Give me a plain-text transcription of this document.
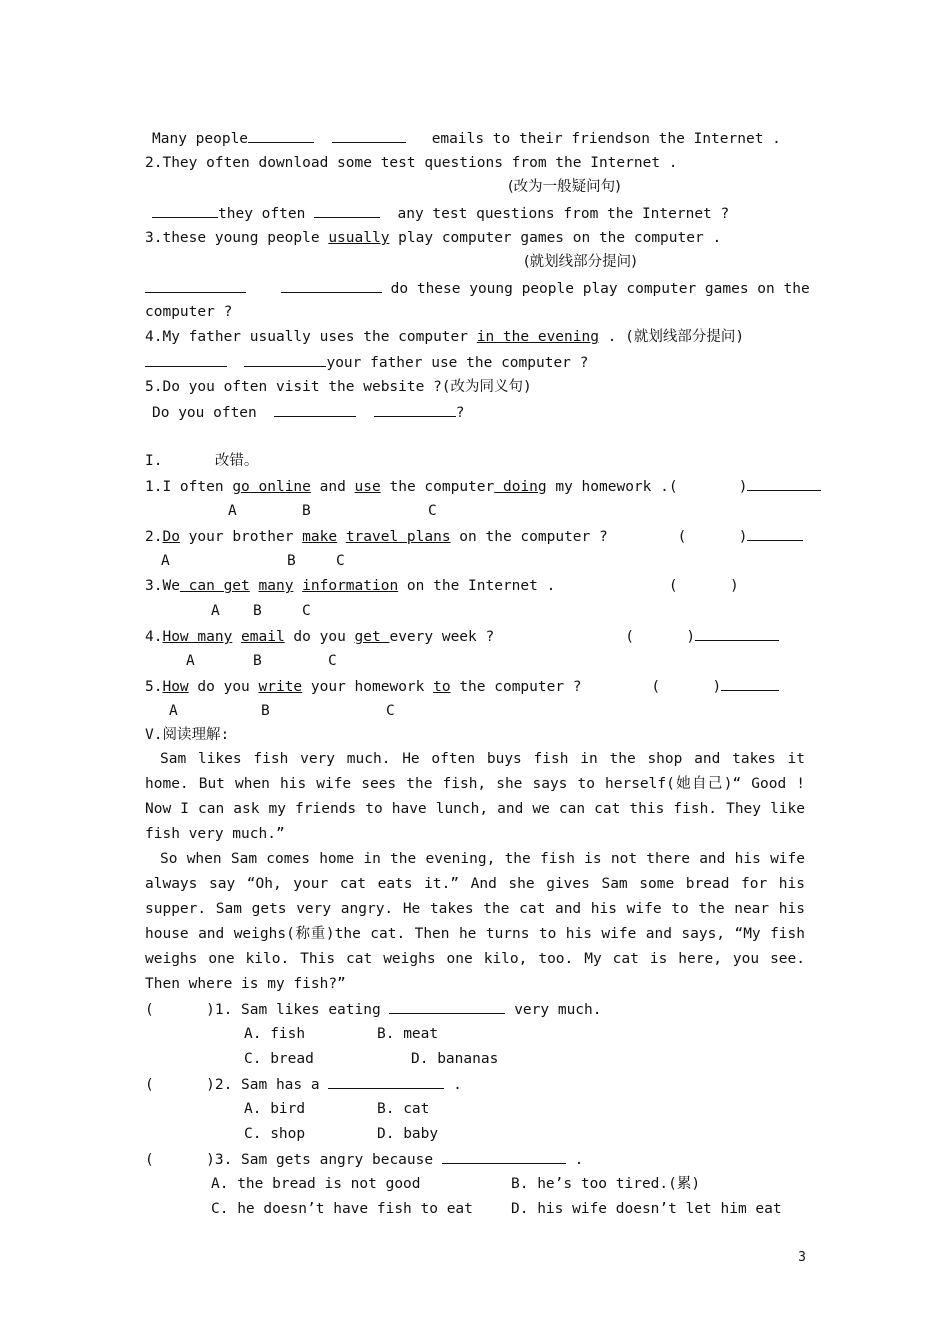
Many people	emails to their friendson the Internet .
2.They often download some test questions from the Internet .
(改为一般疑问句)
they often	any test questions from the Internet ?
3.these young people usually play computer games on the computer .
(就划线部分提问)
do these young people play computer games on the
computer ?
4.My father usually uses the computer in the evening . (就划线部分提问)
your father use the computer ?
5.Do you often visit the website ?(改为同义句)
Do you often	?
I.	改错。
1.I often go online and use the computer doing my homework .(	)
A	B	C
2.Do your brother make travel plans on the computer ?	(	)
A	B	C
3.We can get many information on the Internet .	(	)
A B	C
4.How many email do you get every week ?	(	)
A	B	C
5.How do you write your homework to the computer ?	(	)
A	B	C
V.阅读理解:
Sam likes fish very much. He often buys fish in the shop and takes it home. But when his wife sees the fish, she says to herself(她自己)“ Good ! Now I can ask my friends to have lunch, and we can cat this fish. They like fish very much.”
So when Sam comes home in the evening, the fish is not there and his wife always say “Oh, your cat eats it.” And she gives Sam some bread for his supper. Sam gets very angry. He takes the cat and his wife to the near his house and weighs(称重)the cat. Then he turns to his wife and says, “My fish weighs one kilo. This cat weighs one kilo, too. My cat is here, you see. Then where is my fish?”
(      )1. Sam likes eating	very much.
A. fish	B. meat
C. bread	D. bananas
(      )2. Sam has a	.
A. bird	B. cat
C. shop	D. baby
(      )3. Sam gets angry because	.
A. the bread is not good	B. he’s too tired.(累)
C. he doesn’t have fish to eat	D. his wife doesn’t let him eat
3
